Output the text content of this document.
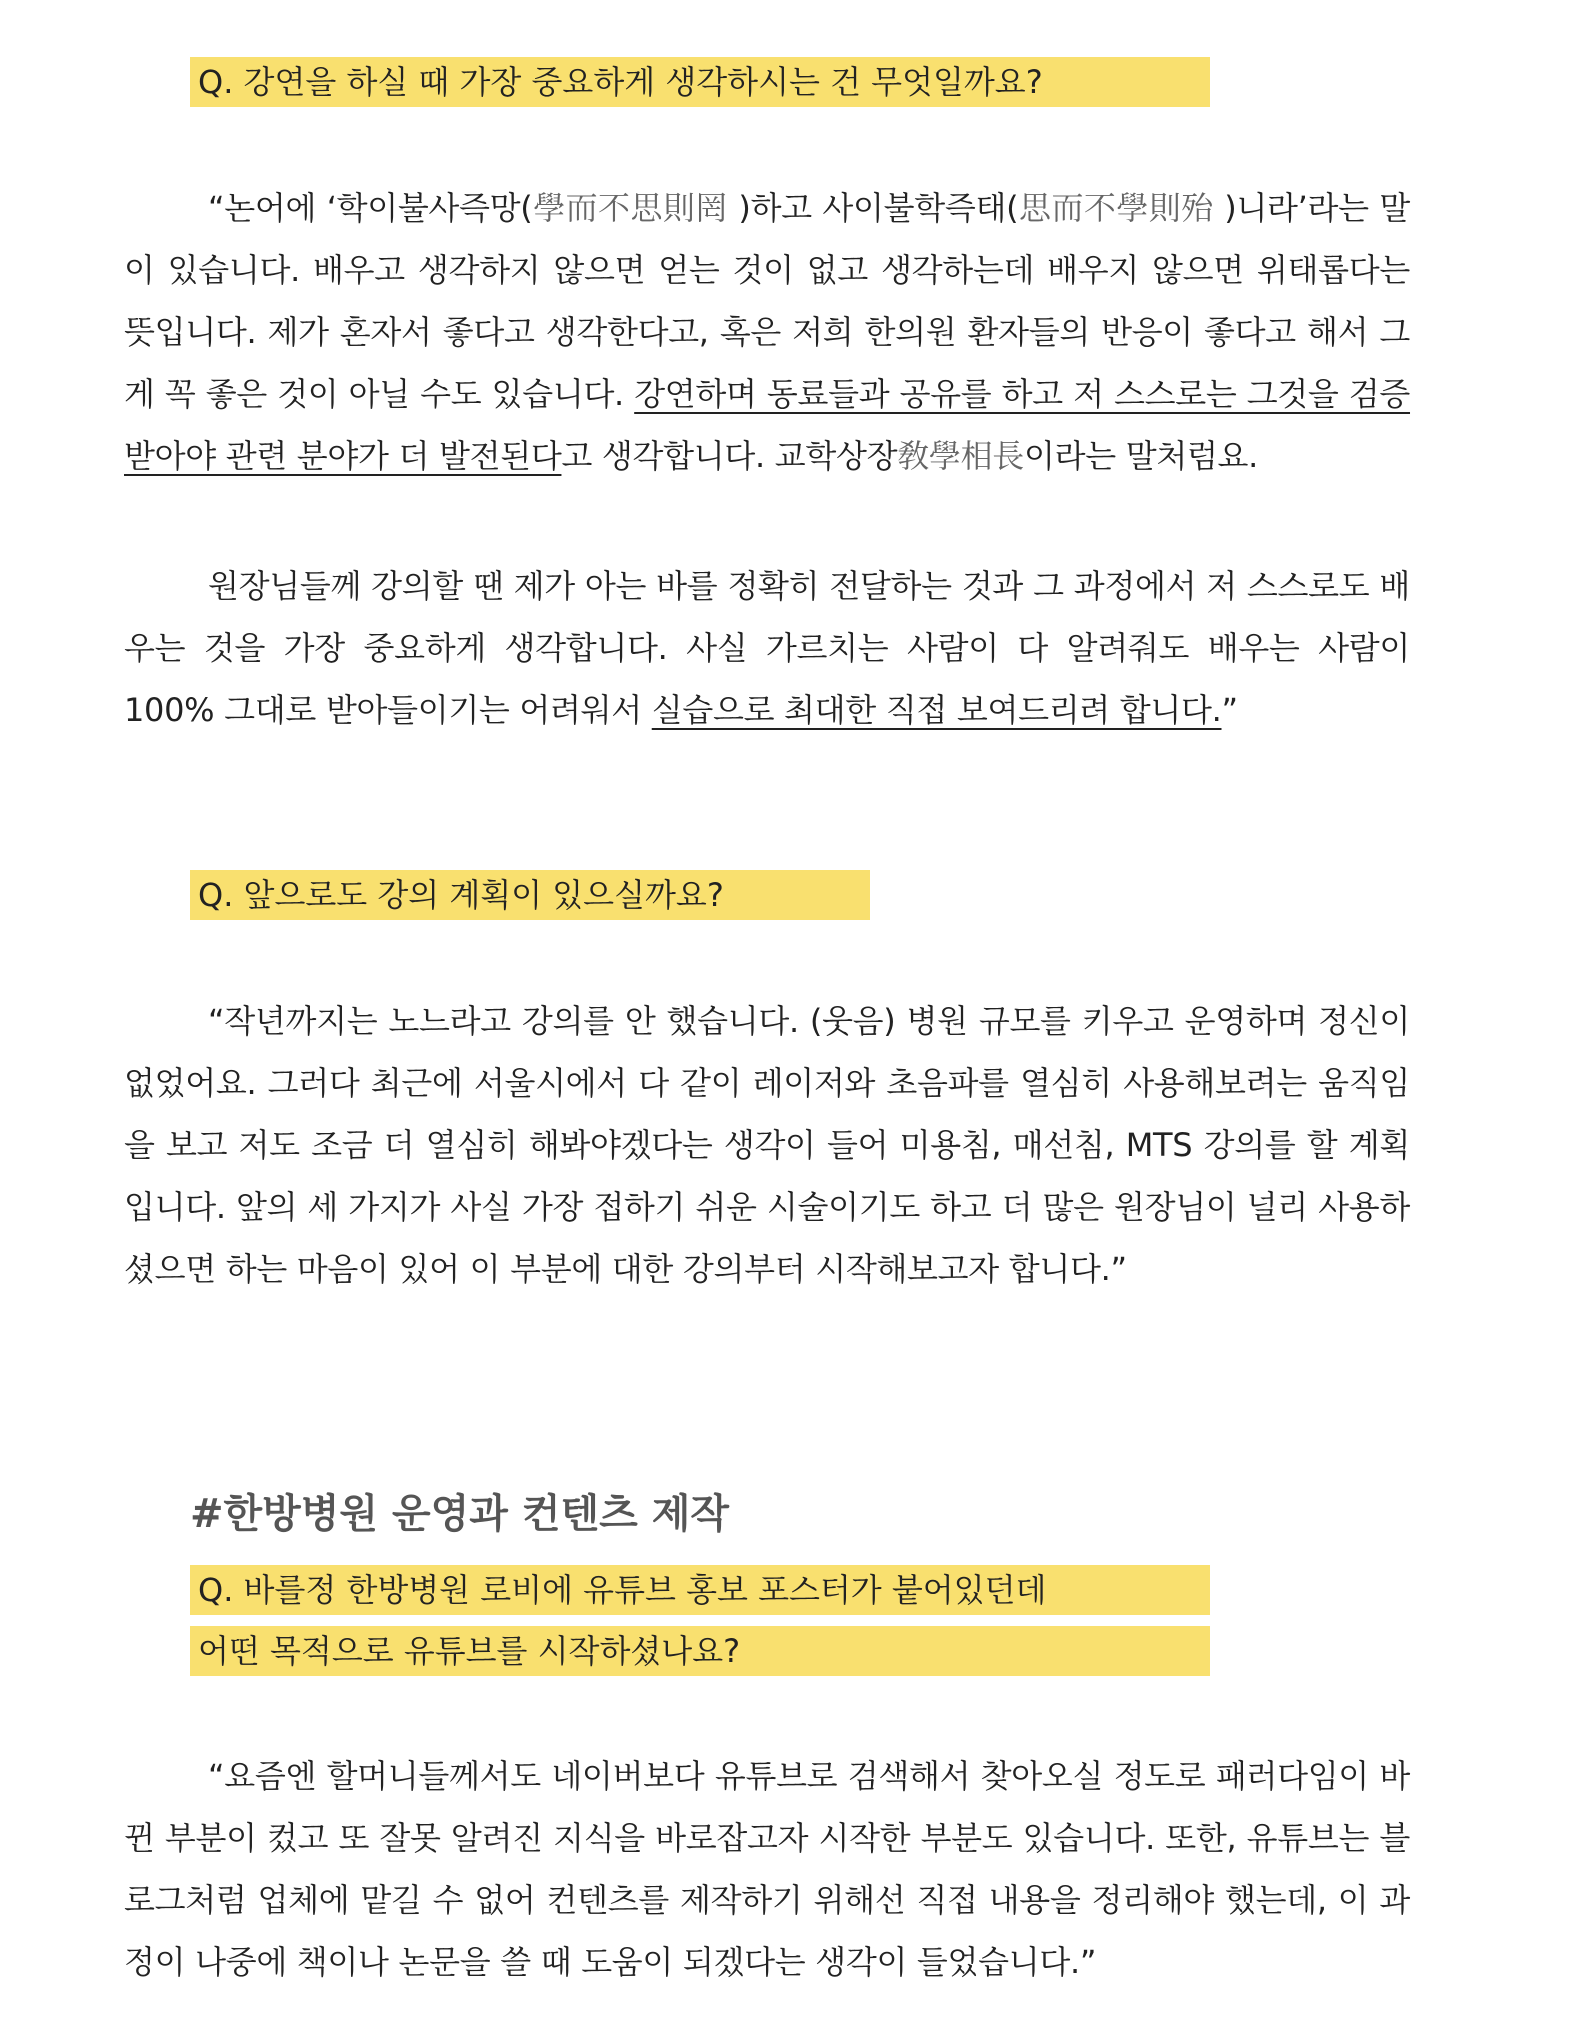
Q. 강연을 하실 때 가장 중요하게 생각하시는 건 무엇일까요?
“논어에 ‘학이불사즉망(學而不思則罔 )하고 사이불학즉태(思而不學則殆 )니라’라는 말이 있습니다. 배우고 생각하지 않으면 얻는 것이 없고 생각하는데 배우지 않으면 위태롭다는 뜻입니다. 제가 혼자서 좋다고 생각한다고, 혹은 저희 한의원 환자들의 반응이 좋다고 해서 그게 꼭 좋은 것이 아닐 수도 있습니다. 강연하며 동료들과 공유를 하고 저 스스로는 그것을 검증받아야 관련 분야가 더 발전된다고 생각합니다. 교학상장敎學相長이라는 말처럼요.
원장님들께 강의할 땐 제가 아는 바를 정확히 전달하는 것과 그 과정에서 저 스스로도 배우는 것을 가장 중요하게 생각합니다. 사실 가르치는 사람이 다 알려줘도 배우는 사람이 100% 그대로 받아들이기는 어려워서 실습으로 최대한 직접 보여드리려 합니다.”
Q. 앞으로도 강의 계획이 있으실까요?
“작년까지는 노느라고 강의를 안 했습니다. (웃음) 병원 규모를 키우고 운영하며 정신이 없었어요. 그러다 최근에 서울시에서 다 같이 레이저와 초음파를 열심히 사용해보려는 움직임을 보고 저도 조금 더 열심히 해봐야겠다는 생각이 들어 미용침, 매선침, MTS 강의를 할 계획입니다. 앞의 세 가지가 사실 가장 접하기 쉬운 시술이기도 하고 더 많은 원장님이 널리 사용하셨으면 하는 마음이 있어 이 부분에 대한 강의부터 시작해보고자 합니다.”
#한방병원 운영과 컨텐츠 제작
Q. 바를정 한방병원 로비에 유튜브 홍보 포스터가 붙어있던데
어떤 목적으로 유튜브를 시작하셨나요?
“요즘엔 할머니들께서도 네이버보다 유튜브로 검색해서 찾아오실 정도로 패러다임이 바뀐 부분이 컸고 또 잘못 알려진 지식을 바로잡고자 시작한 부분도 있습니다. 또한, 유튜브는 블로그처럼 업체에 맡길 수 없어 컨텐츠를 제작하기 위해선 직접 내용을 정리해야 했는데, 이 과정이 나중에 책이나 논문을 쓸 때 도움이 되겠다는 생각이 들었습니다.”
